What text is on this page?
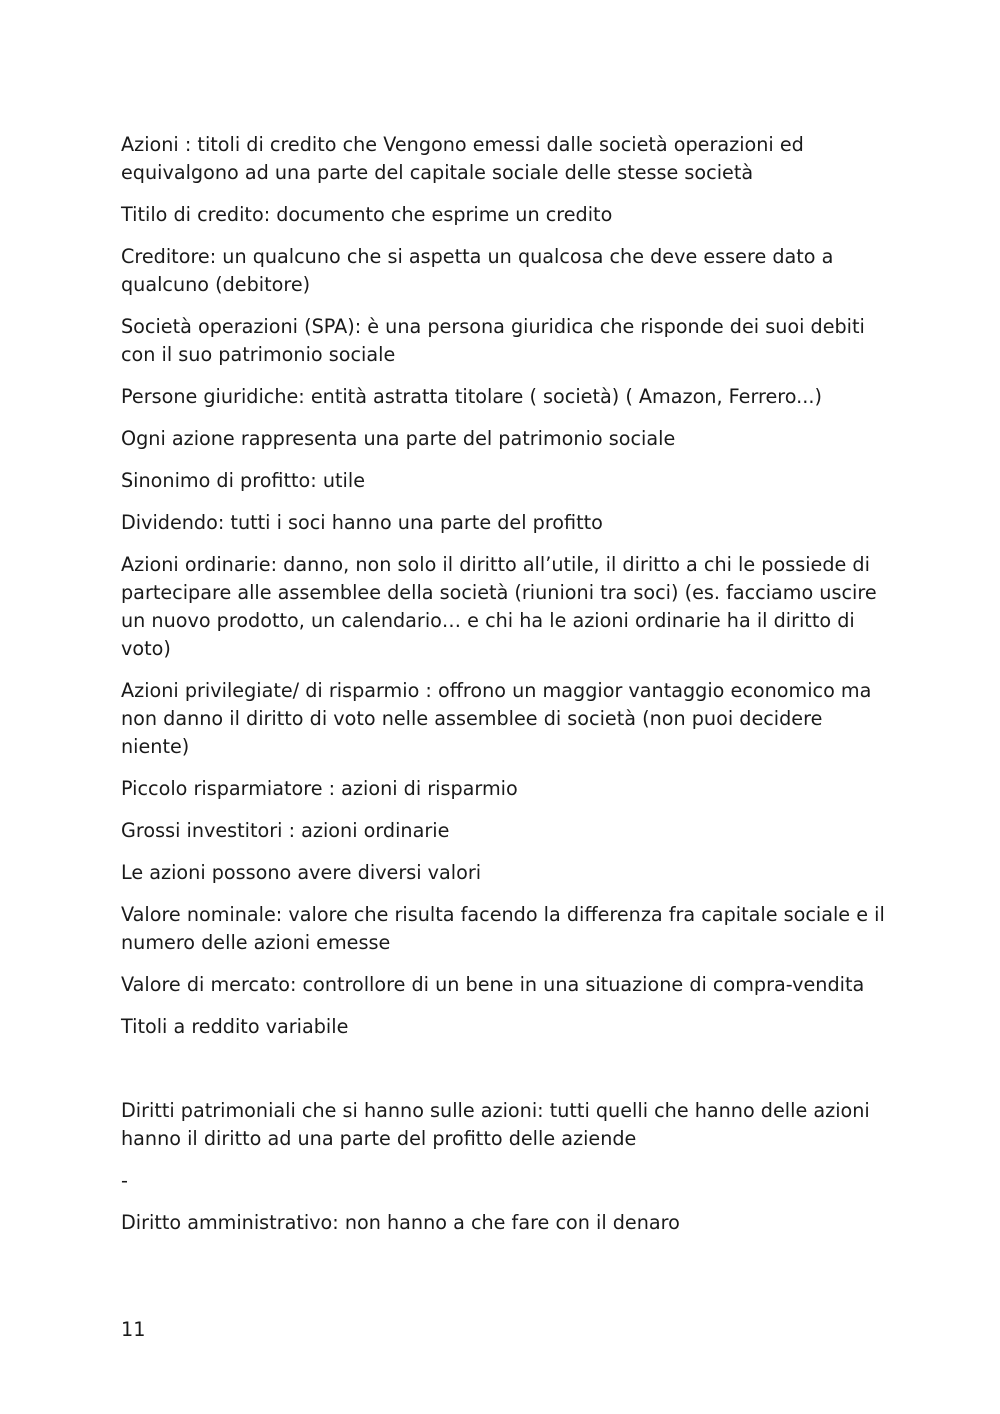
Azioni : titoli di credito che Vengono emessi dalle società operazioni ed equivalgono ad una parte del capitale sociale delle stesse società

Titilo di credito: documento che esprime un credito

Creditore: un qualcuno che si aspetta un qualcosa che deve essere dato a qualcuno (debitore)

Società operazioni (SPA): è una persona giuridica che risponde dei suoi debiti con il suo patrimonio sociale

Persone giuridiche: entità astratta titolare ( società) ( Amazon, Ferrero...)

Ogni azione rappresenta una parte del patrimonio sociale

Sinonimo di profitto: utile

Dividendo: tutti i soci hanno una parte del profitto

Azioni ordinarie: danno, non solo il diritto all’utile, il diritto a chi le possiede di partecipare alle assemblee della società (riunioni tra soci) (es. facciamo uscire un nuovo prodotto, un calendario… e chi ha le azioni ordinarie ha il diritto di voto)

Azioni privilegiate/ di risparmio : offrono un maggior vantaggio economico ma non danno il diritto di voto nelle assemblee di società (non puoi decidere niente)

Piccolo risparmiatore : azioni di risparmio

Grossi investitori : azioni ordinarie

Le azioni possono avere diversi valori

Valore nominale: valore che risulta facendo la differenza fra capitale sociale e il numero delle azioni emesse

Valore di mercato: controllore di un bene in una situazione di compra-vendita

Titoli a reddito variabile

Diritti patrimoniali che si hanno sulle azioni: tutti quelli che hanno delle azioni hanno il diritto ad una parte del profitto delle aziende

-

Diritto amministrativo: non hanno a che fare con il denaro

11
